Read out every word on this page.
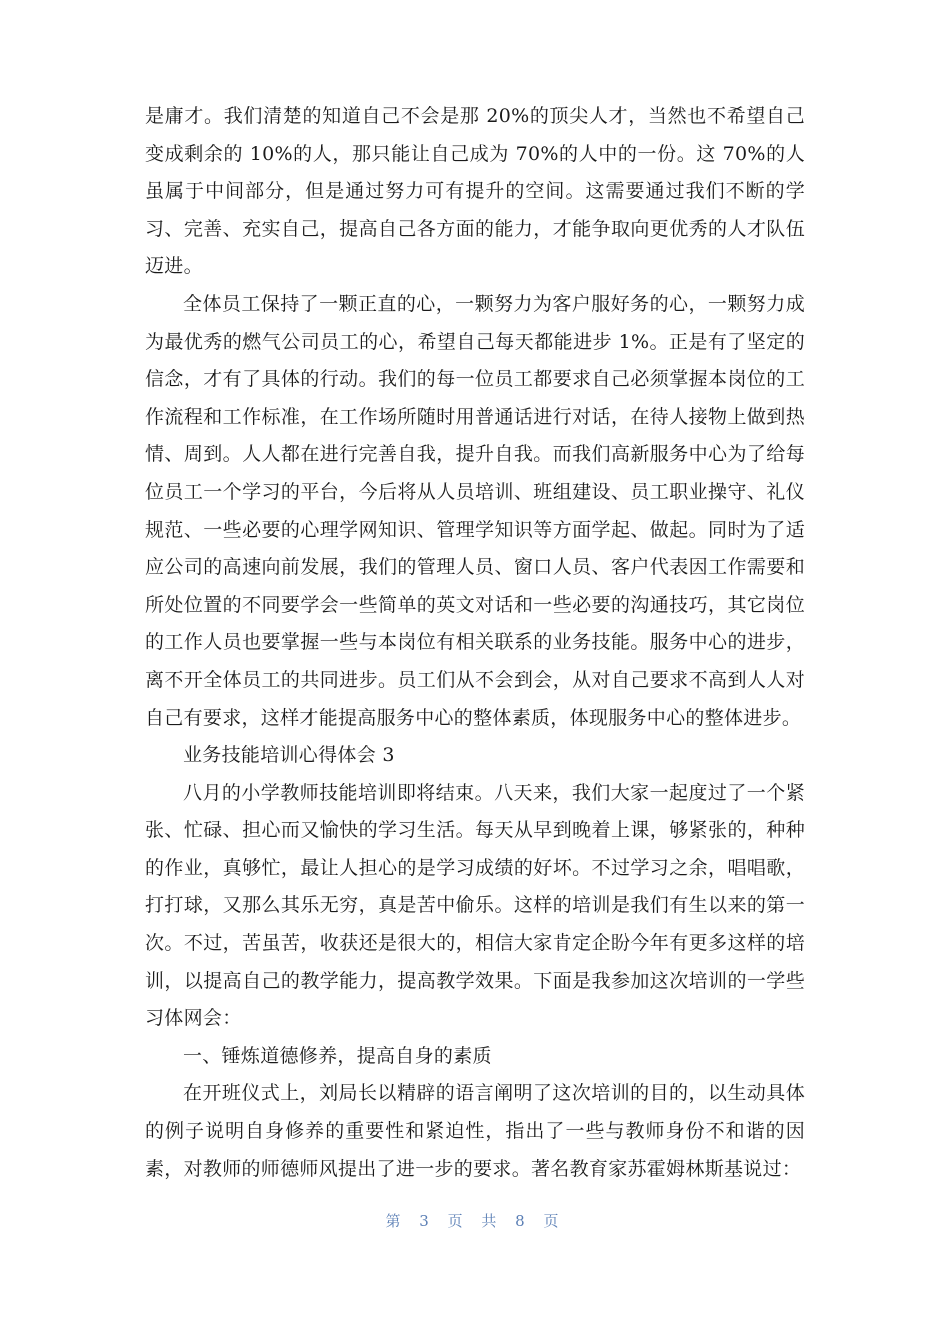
是庸才。我们清楚的知道自己不会是那 20%的顶尖人才，当然也不希望自己变成剩余的 10%的人，那只能让自己成为 70%的人中的一份。这 70%的人虽属于中间部分，但是通过努力可有提升的空间。这需要通过我们不断的学习、完善、充实自己，提高自己各方面的能力，才能争取向更优秀的人才队伍迈进。

全体员工保持了一颗正直的心，一颗努力为客户服好务的心，一颗努力成为最优秀的燃气公司员工的心，希望自己每天都能进步 1%。正是有了坚定的信念，才有了具体的行动。我们的每一位员工都要求自己必须掌握本岗位的工作流程和工作标准，在工作场所随时用普通话进行对话，在待人接物上做到热情、周到。人人都在进行完善自我，提升自我。而我们高新服务中心为了给每位员工一个学习的平台，今后将从人员培训、班组建设、员工职业操守、礼仪规范、一些必要的心理学网知识、管理学知识等方面学起、做起。同时为了适应公司的高速向前发展，我们的管理人员、窗口人员、客户代表因工作需要和所处位置的不同要学会一些简单的英文对话和一些必要的沟通技巧，其它岗位的工作人员也要掌握一些与本岗位有相关联系的业务技能。服务中心的进步，离不开全体员工的共同进步。员工们从不会到会，从对自己要求不高到人人对自己有要求，这样才能提高服务中心的整体素质，体现服务中心的整体进步。

业务技能培训心得体会 3

八月的小学教师技能培训即将结束。八天来，我们大家一起度过了一个紧张、忙碌、担心而又愉快的学习生活。每天从早到晚着上课，够紧张的，种种的作业，真够忙，最让人担心的是学习成绩的好坏。不过学习之余，唱唱歌，打打球，又那么其乐无穷，真是苦中偷乐。这样的培训是我们有生以来的第一次。不过，苦虽苦，收获还是很大的，相信大家肯定企盼今年有更多这样的培训，以提高自己的教学能力，提高教学效果。下面是我参加这次培训的一学些习体网会：

一、锤炼道德修养，提高自身的素质

在开班仪式上，刘局长以精辟的语言阐明了这次培训的目的，以生动具体的例子说明自身修养的重要性和紧迫性，指出了一些与教师身份不和谐的因素，对教师的师德师风提出了进一步的要求。著名教育家苏霍姆林斯基说过：

第 3 页 共 8 页
